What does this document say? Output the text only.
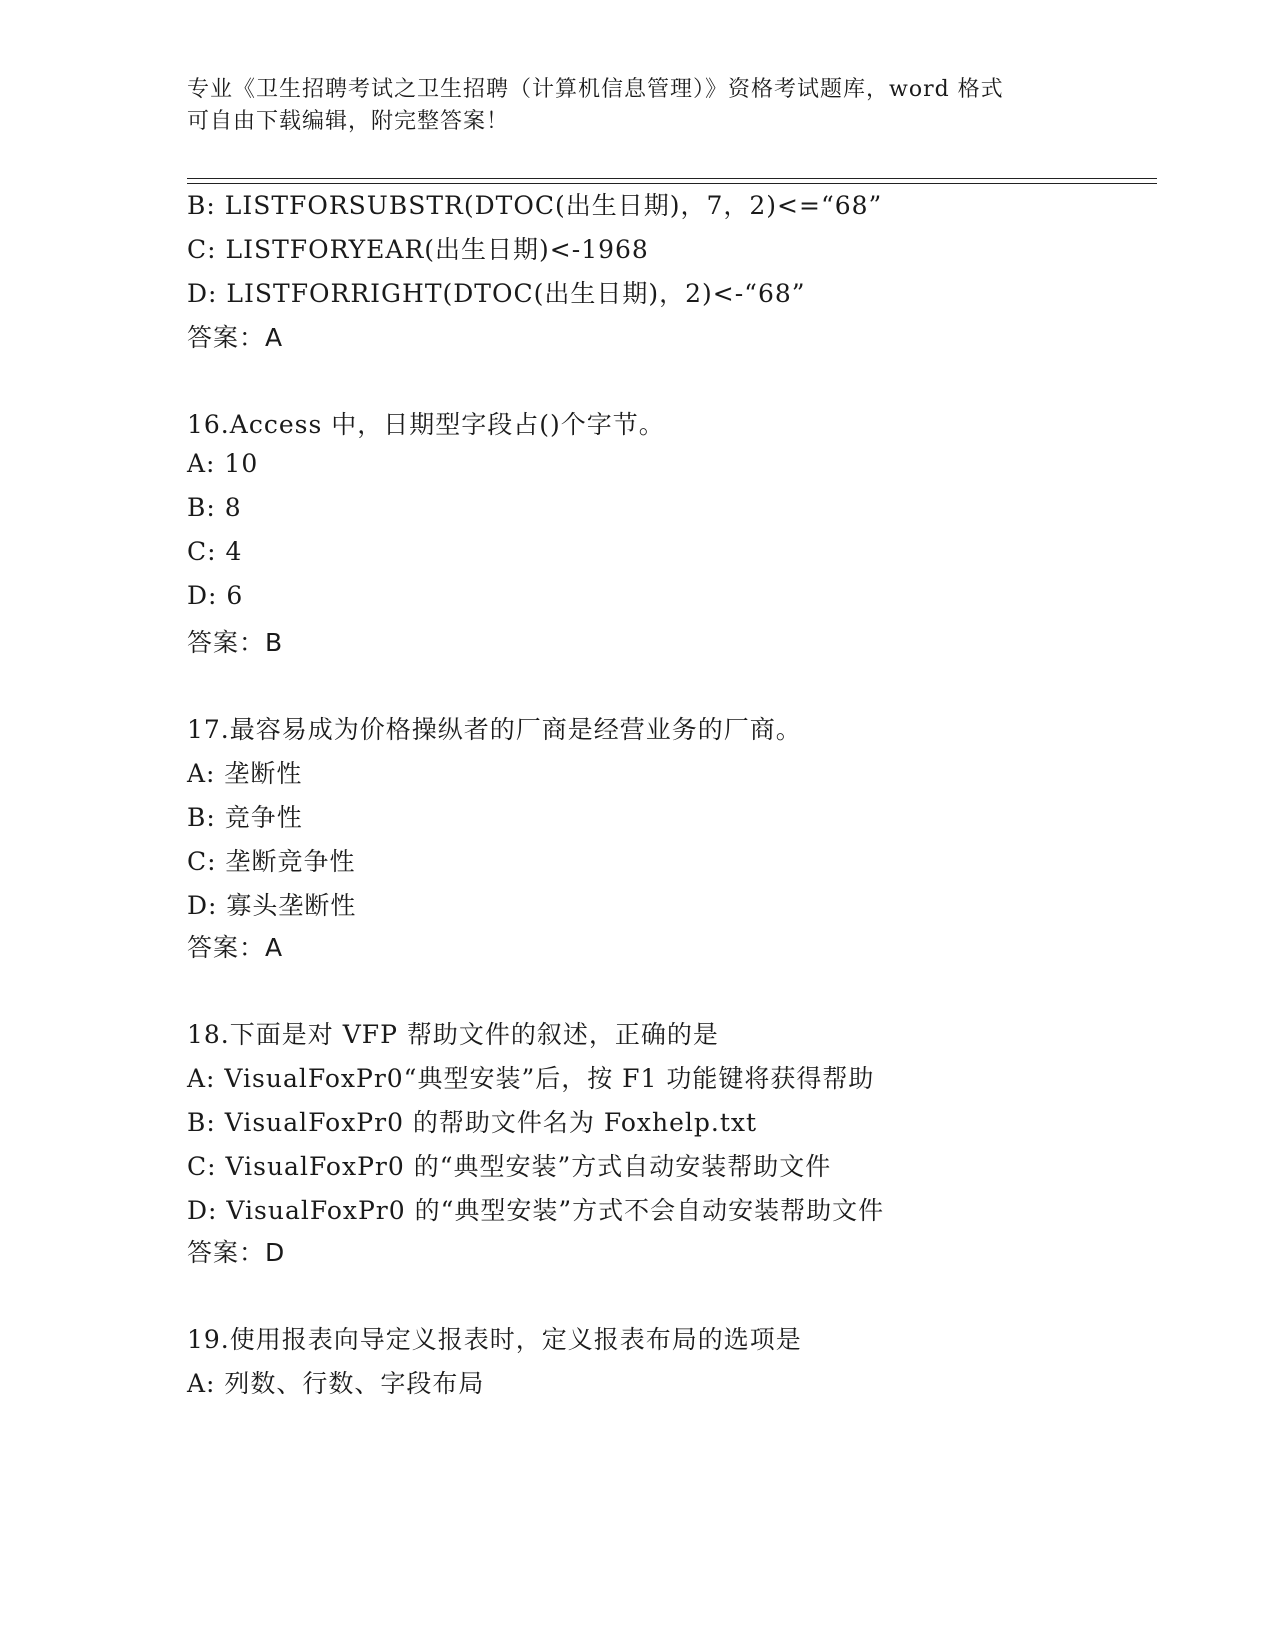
专业《卫生招聘考试之卫生招聘（计算机信息管理）》资格考试题库，word 格式
可自由下载编辑，附完整答案！
B: LISTFORSUBSTR(DTOC(出生日期)，7，2)<=“68”
C: LISTFORYEAR(出生日期)<-1968
D: LISTFORRIGHT(DTOC(出生日期)，2)<-“68”
答案：A
16.Access 中，日期型字段占()个字节。
A: 10
B: 8
C: 4
D: 6
答案：B
17.最容易成为价格操纵者的厂商是经营业务的厂商。
A: 垄断性
B: 竞争性
C: 垄断竞争性
D: 寡头垄断性
答案：A
18.下面是对 VFP 帮助文件的叙述，正确的是
A: VisualFoxPr0“典型安装”后，按 F1 功能键将获得帮助
B: VisualFoxPr0 的帮助文件名为 Foxhelp.txt
C: VisualFoxPr0 的“典型安装”方式自动安装帮助文件
D: VisualFoxPr0 的“典型安装”方式不会自动安装帮助文件
答案：D
19.使用报表向导定义报表时，定义报表布局的选项是
A: 列数、行数、字段布局
